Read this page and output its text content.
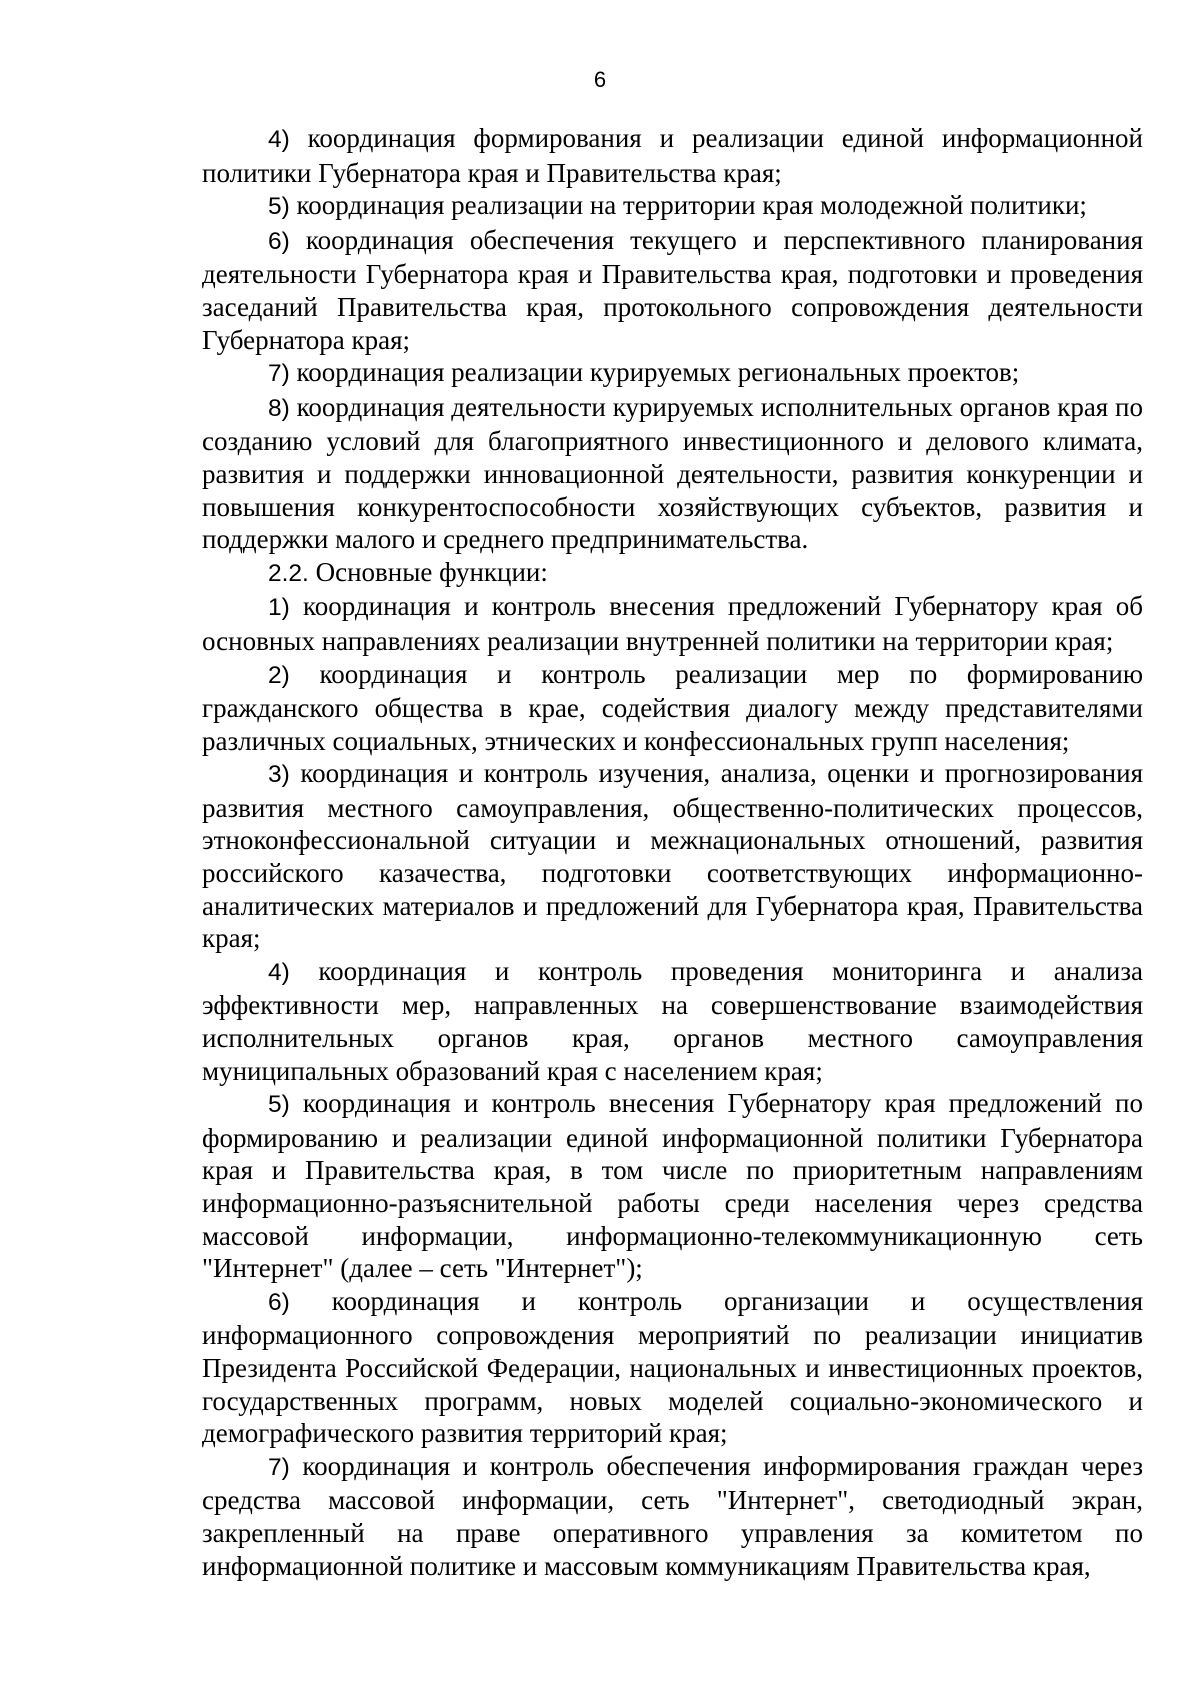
6

4) координация формирования и реализации единой информационной политики Губернатора края и Правительства края;

5) координация реализации на территории края молодежной политики;

6) координация обеспечения текущего и перспективного планирования деятельности Губернатора края и Правительства края, подготовки и проведения заседаний Правительства края, протокольного сопровождения деятельности Губернатора края;

7) координация реализации курируемых региональных проектов;

8) координация деятельности курируемых исполнительных органов края по созданию условий для благоприятного инвестиционного и делового климата, развития и поддержки инновационной деятельности, развития конкуренции и повышения конкурентоспособности хозяйствующих субъектов, развития и поддержки малого и среднего предпринимательства.

2.2. Основные функции:

1) координация и контроль внесения предложений Губернатору края об основных направлениях реализации внутренней политики на территории края;

2) координация и контроль реализации мер по формированию гражданского общества в крае, содействия диалогу между представителями различных социальных, этнических и конфессиональных групп населения;

3) координация и контроль изучения, анализа, оценки и прогнозирования развития местного самоуправления, общественно-политических процессов, этноконфессиональной ситуации и межнациональных отношений, развития российского казачества, подготовки соответствующих информационно-аналитических материалов и предложений для Губернатора края, Правительства края;

4) координация и контроль проведения мониторинга и анализа эффективности мер, направленных на совершенствование взаимодействия исполнительных органов края, органов местного самоуправления муниципальных образований края с населением края;

5) координация и контроль внесения Губернатору края предложений по формированию и реализации единой информационной политики Губернатора края и Правительства края, в том числе по приоритетным направлениям информационно-разъяснительной работы среди населения через средства массовой информации, информационно-телекоммуникационную сеть "Интернет" (далее – сеть "Интернет");

6) координация и контроль организации и осуществления информационного сопровождения мероприятий по реализации инициатив Президента Российской Федерации, национальных и инвестиционных проектов, государственных программ, новых моделей социально-экономического и демографического развития территорий края;

7) координация и контроль обеспечения информирования граждан через средства массовой информации, сеть "Интернет", светодиодный экран, закрепленный на праве оперативного управления за комитетом по информационной политике и массовым коммуникациям Правительства края,
